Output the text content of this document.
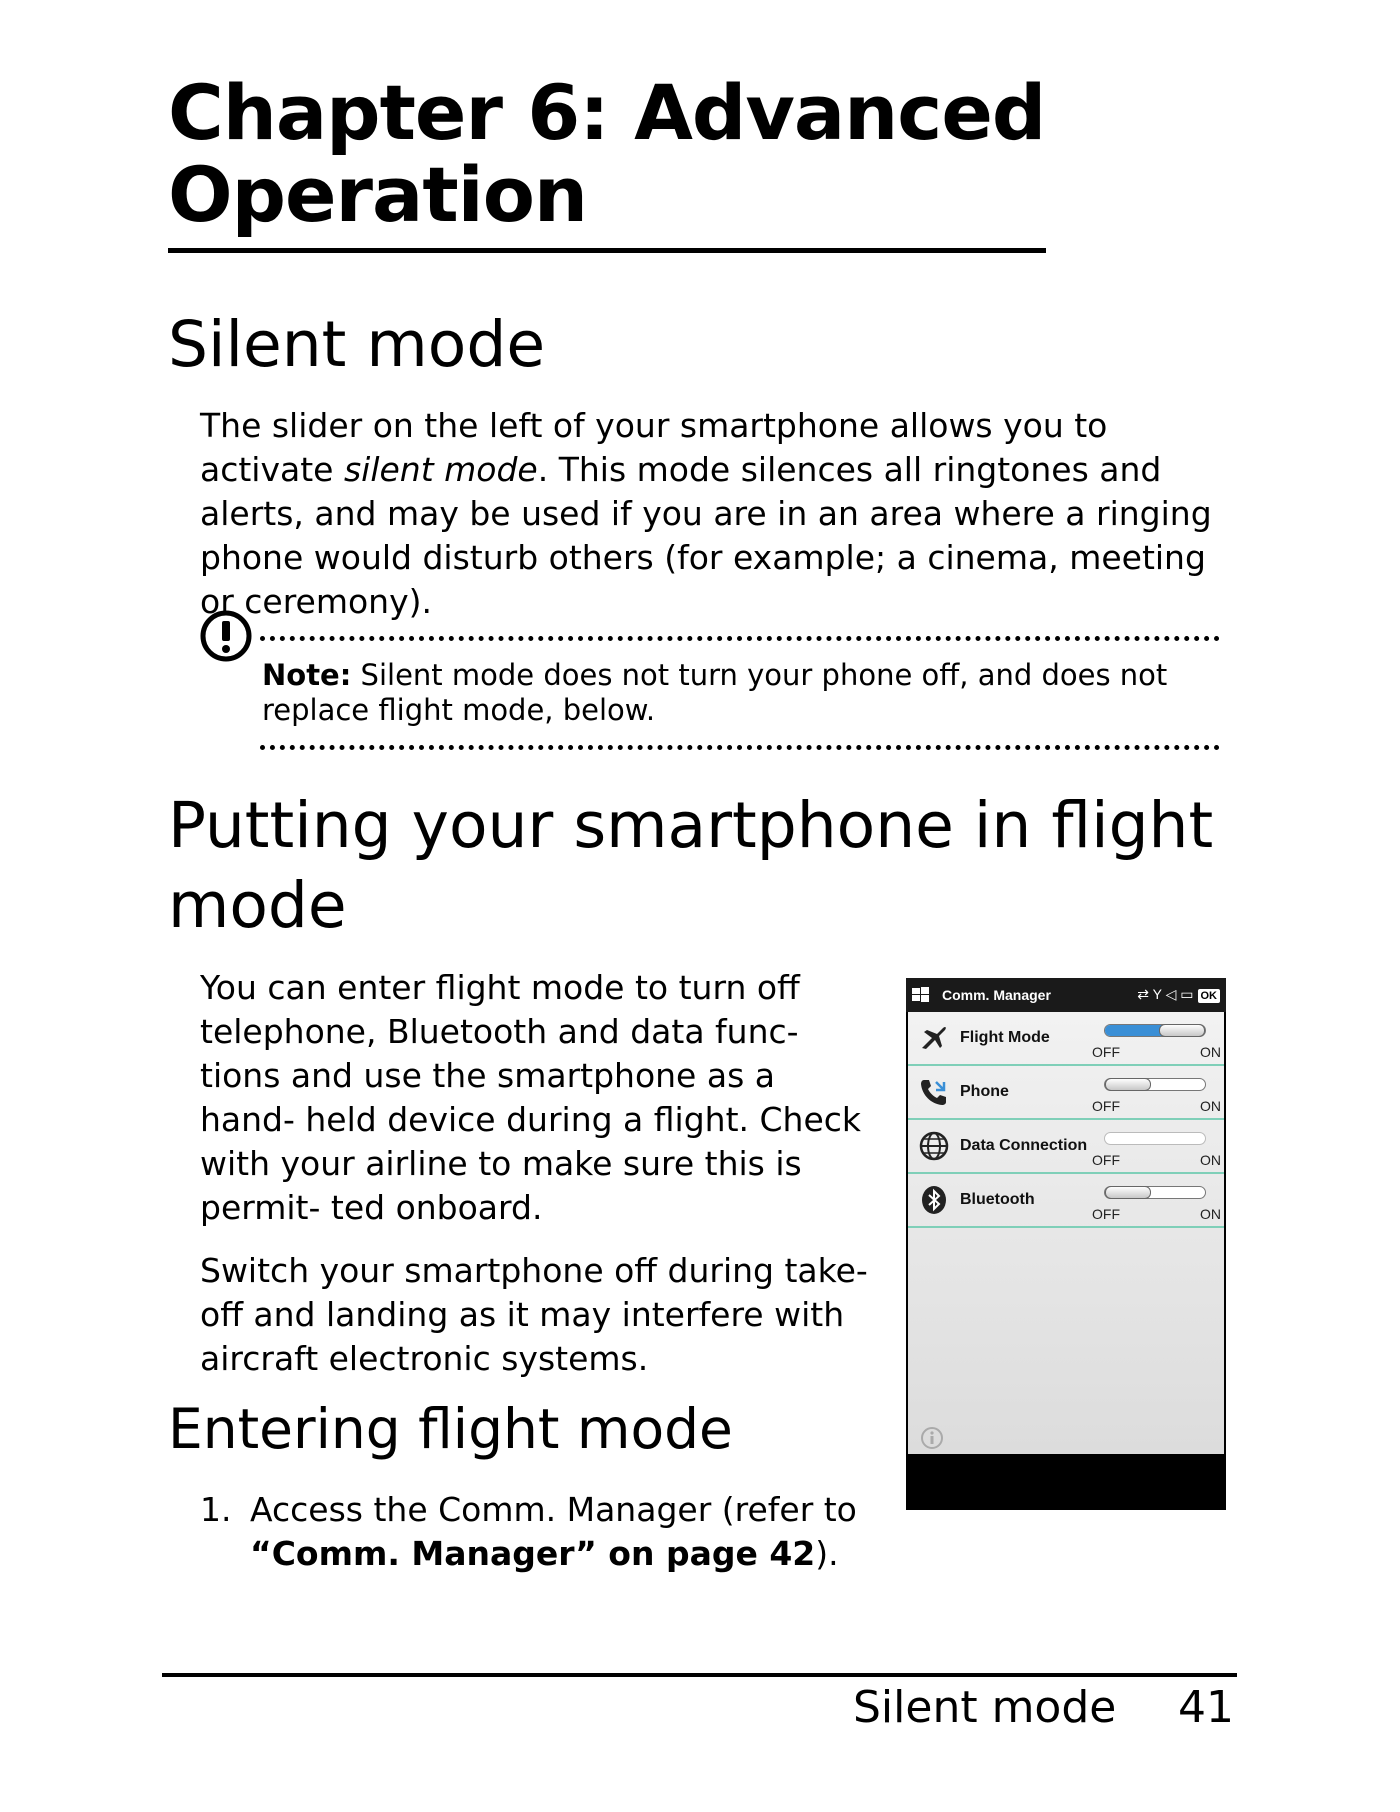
Chapter 6: Advanced Operation
Silent mode

The slider on the left of your smartphone allows you to activate silent mode. This mode silences all ringtones and alerts, and may be used if you are in an area where a ringing phone would disturb others (for example; a cinema, meeting or ceremony).

Note: Silent mode does not turn your phone off, and does not replace flight mode, below.
Putting your smartphone in flight mode

You can enter flight mode to turn off telephone, Bluetooth and data func- tions and use the smartphone as a hand- held device during a flight. Check with your airline to make sure this is permit- ted onboard.

Switch your smartphone off during take- off and landing as it may interfere with aircraft electronic systems.

Entering flight mode
1. Access the Comm. Manager (refer to “Comm. Manager” on page 42).

Comm. Manager	⇄ Y ◁ ▭ OK
Flight Mode
OFF	ON
Phone
OFF	ON
Data Connection
OFF	ON
Bluetooth
OFF	ON
Silent mode 41
